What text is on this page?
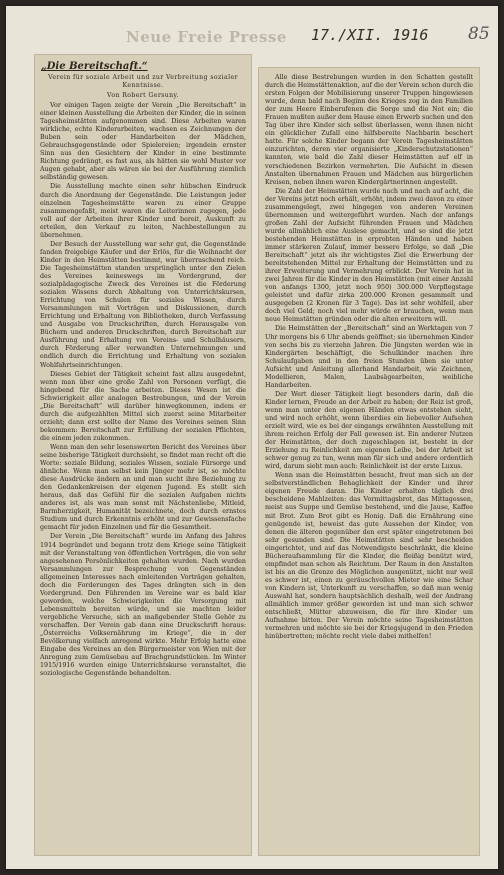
Neue Freie Presse 17./XII. 1916 85
„Die Bereitschaft.“
Verein für soziale Arbeit und zur Verbreitung sozialer Kenntnisse.
Von Robert Gersuny.

Vor einigen Tagen zeigte der Verein „Die Bereitschaft“ in einer kleinen Ausstellung die Arbeiten der Kinder, die in seinen Tagesheimstätten aufgenommen sind. Diese Arbeiten waren wirkliche, echte Kinderarbeiten, wachsen es Zeichnungen der Buben sein oder Handarbeiten der Mädchen, Gebrauchsgegenstände oder Spielereien; irgendein ernster Sinn aus den Gesichtern der Kinder in eine bestimmte Richtung gedrängt, es fast aus, als hätten sie wohl Muster vor Augen gehabt, aber als wären sie bei der Ausführung ziemlich selbständig gewesen.

Die Ausstellung machte einen sehr hübschen Eindruck durch die Anordnung der Gegenstände. Die Leistungen jeder einzelnen Tagesheimstätte waren zu einer Gruppe zusammengefaßt, meist waren die Leiterinnen zugegen, jede voll auf der Arbeiten ihrer Kinder und bereit, Auskunft zu erteilen, den Verkauf zu leiten, Nachbestellungen zu übernehmen.

Der Besuch der Ausstellung war sehr gut, die Gegenstände fanden freigebige Käufer und der Erlös, für die Weihnacht der Kinder in den Heimstätten bestimmt, war überraschend reich. Die Tagesheimstätten standen ursprünglich unter den Zielen des Vereines keineswegs im Vordergrund, der sozialpädagogische Zweck des Vereines ist die Förderung sozialen Wissens durch Abhaltung von Unterrichtskursen, Errichtung von Schulen für soziales Wissen, durch Versammlungen mit Vorträgen und Diskussionen, durch Errichtung und Erhaltung von Bibliotheken, durch Verfassung und Ausgabe von Druckschriften, durch Herausgabe von Büchern und anderen Druckschriften, durch Bereitschaft zur Ausführung und Erhaltung von Vereins- und Schulhäusern, durch Förderung aller verwandten Unternehmungen und endlich durch die Errichtung und Erhaltung von sozialen Wohlfahrtseinrichtungen.

Dieses Gebiet der Tätigkeit scheint fast allzu ausgedehnt, wenn man über eine große Zahl von Personen verfügt, die hingebend für die Sache arbeiten. Dieses Wesen ist die Schwierigkeit aller analogen Bestrebungen, und der Verein „Die Bereitschaft“ will darüber hinwegkommen, indem er durch die aufgezählten Mittel sich zuerst seine Mitarbeiter erzieht; dann erst sollte der Name des Vereines seinen Sinn bekommen: Bereitschaft zur Erfüllung der sozialen Pflichten, die einem jeden zukommen.

Wenn man den sehr lesenswerten Bericht des Vereines über seine bisherige Tätigkeit durchsieht, so findet man recht oft die Worte: soziale Bildung, soziales Wissen, soziale Fürsorge und ähnliche. Wenn man selbst kein Jünger mehr ist, so möchte diese Ausdrücke ändern an und man sucht ihre Beziehung zu den Gedankenkreisen der eigenen Jugend. Es stellt sich heraus, daß das Gefühl für die sozialen Aufgaben nichts anderes ist, als was man sonst mit Nächstenliebe, Mitleid, Barmherzigkeit, Humanität bezeichnete, doch durch ernstes Studium und durch Erkenntnis erhöht und zur Gewissensfache gemacht für jeden Einzelnen und für die Gesamtheit.

Der Verein „Die Bereitschaft“ wurde im Anfang des Jahres 1914 begründet und begann trotz dem Kriege seine Tätigkeit mit der Veranstaltung von öffentlichen Vorträgen, die von sehr angesehenen Persönlichkeiten gehalten wurden. Nach wurden Versammlungen zur Besprechung von Gegenständen allgemeinen Interesses nach einleitenden Vorträgen gehalten, doch die Forderungen des Tages drängten sich in den Vordergrund. Den Führenden im Vereine war es bald klar geworden, welche Schwierigkeiten die Versorgung mit Lebensmitteln bereiten würde, und sie machten leider vergebliche Versuche, sich an maßgebender Stelle Gehör zu verschaffen. Der Verein gab dann eine Druckschrift heraus: „Österreichs Volksernährung im Kriege“, die in der Bevölkerung vielfach anregend wirkte. Mehr Erfolg hatte eine Eingabe des Vereines an den Bürgermeister von Wien mit der Anregung zum Gemüsebau auf Brachgrundstücken. Im Winter 1915/1916 wurden einige Unterrichtskurse veranstaltet, die soziologische Gegenstände behandelten.

Alle diese Bestrebungen wurden in den Schatten gestellt durch die Heimstättenaktion, auf die der Verein schon durch die ersten Folgen der Mobilisierung unserer Truppen hingewiesen wurde, denn bald nach Beginn des Krieges zog in den Familien der zum Heere Einberufenen die Sorge und die Not ein; die Frauen mußten außer dem Hause einen Erwerb suchen und den Tag über ihre Kinder sich selbst überlassen, wenn ihnen nicht ein glücklicher Zufall eine hilfsbereite Nachbarin beschert hatte. Für solche Kinder begann der Verein Tagesheimstätten einzurichten, deren vier organisierte „Kinderschutzstationen“ kannten, wie bald die Zahl dieser Heimstätten auf elf in verschiedenen Bezirken vermehrten. Die Aufsicht in diesen Anstalten übernahmen Frauen und Mädchen aus bürgerlichen Kreisen, neben ihnen waren Kindergärtnerinnen angestellt.

Die Zahl der Heimstätten wurde nach und nach auf acht, die der Vereins jetzt noch erhält, erhöht, indem zwei davon zu einer zusammengelegt, zwei hingegen von anderen Vereinen übernommen und weitergeführt wurden. Nach der anfangs großen Zahl der Aufsicht führenden Frauen und Mädchen wurde allmählich eine Auslese gemacht, und so sind die jetzt bestehenden Heimstätten in erprobten Händen und haben immer stärkeren Zulauf, immer bessere Erfolge, so daß „Die Bereitschaft“ jetzt als ihr wichtigstes Ziel die Erwerbung der bereitstehenden Mittel zur Erhaltung der Heimstätten und zu ihrer Erweiterung und Vermehrung erblickt. Der Verein hat in zwei Jahren für die Kinder in den Heimstätten (mit einer Anzahl von anfangs 1300, jetzt noch 950) 300.000 Verpflegstage geleistet und dafür zirka 200.000 Kronen gesammelt und ausgegeben (2 Kronen für 3 Tage). Das ist sehr wohlfeil, aber doch viel Geld; noch viel mehr würde er brauchen, wenn man neue Heimstätten gründen oder die alten erweitern will.

Die Heimstätten der „Bereitschaft“ sind an Werktagen von 7 Uhr morgens bis 6 Uhr abends geöffnet; sie übernehmen Kinder von sechs bis zu vierzehn Jahren. Die Jüngsten werden wie in Kindergärten beschäftigt, die Schulkinder machen ihre Schulaufgaben und in den freien Stunden üben sie unter Aufsicht und Anleitung allerhand Handarbeit, wie Zeichnen, Modellieren, Malen, Laubsägearbeiten, weibliche Handarbeiten.

Der Wert dieser Tätigkeit liegt besonders darin, daß die Kinder lernen, Freude an der Arbeit zu haben; der Reiz ist groß, wenn man unter den eigenen Händen etwas entstehen sieht, und wird noch erhöht, wenn überdies ein liebevoller Aufsehen erzielt wird, wie es bei der eingangs erwähnten Ausstellung mit ihrem reichen Erfolg der Fall gewesen ist. Ein anderer Nutzen der Heimstätten, der doch zugeschlagen ist, besteht in der Erziehung zu Reinlichkeit am eigenen Leibe, bei der Arbeit ist schwer genug zu tun, wenn man für sich und andere ordentlich wird, darum sieht man auch: Reinlichkeit ist der erste Luxus.

Wenn man die Heimstätten besucht, freut man sich an der selbstverständlichen Behaglichkeit der Kinder und ihrer eigenen Freude daran. Die Kinder erhalten täglich drei bescheidene Mahlzeiten: das Vormittagsbrot, das Mittagessen, meist aus Suppe und Gemüse bestehend, und die Jause, Kaffee mit Brot. Zum Brot gibt es Honig. Daß die Ernährung eine genügende ist, beweist das gute Aussehen der Kinder, von denen die älteren gegenüber den erst später eingetretenen bei sehr gesunden sind. Die Heimstätten sind sehr bescheiden eingerichtet, und auf das Notwendigste beschränkt, die kleine Bücheraufsammlung für die Kinder, die fleißig benützt wird, empfindet man schon als Reichtum. Der Raum in den Anstalten ist bis an die Grenze des Möglichen ausgenützt, nicht nur weil es schwer ist, einen zu geräuschvollen Mieter wie eine Schar von Kindern ist, Unterkunft zu verschaffen, so daß man wenig Auswahl hat, sondern hauptsächlich deshalb, weil der Andrang allmählich immer größer geworden ist und man sich schwer entschließt, Mütter abzuweisen, die für ihre Kinder um Aufnahme bitten. Der Verein möchte seine Tagesheimstätten vermehren und möchte sie bei der Kriegsjugend in den Frieden hinübertretten; möchte recht viele dabei mithelfen!
